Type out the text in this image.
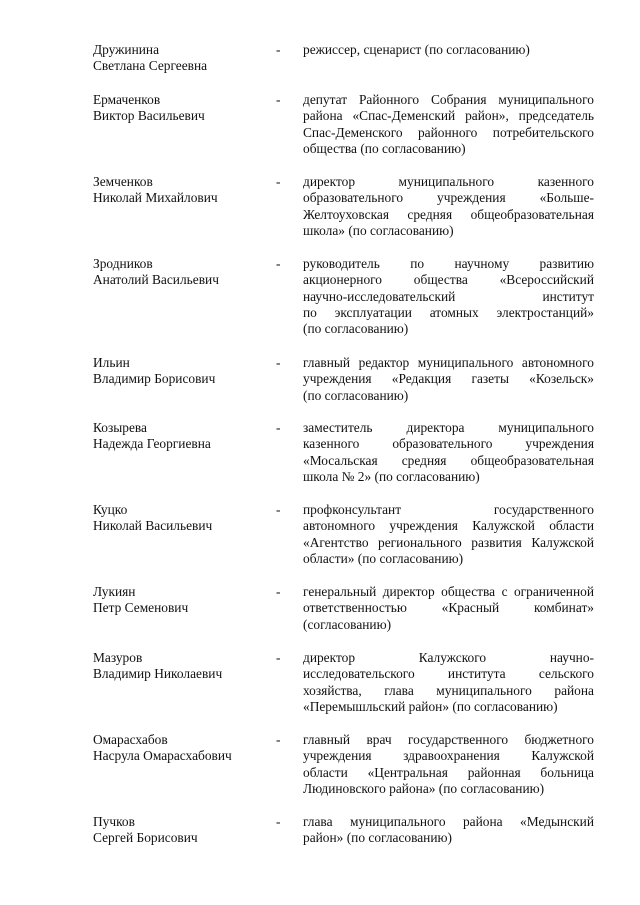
Дружинина
Светлана Сергеевна
- режиссер, сценарист (по согласованию)
Ермаченков
Виктор Васильевич
- депутат Районного Собрания муниципального
района «Спас-Деменский район», председатель
Спас-Деменского районного потребительского
общества (по согласованию)
Земченков
Николай Михайлович
- директор муниципального казенного
образовательного учреждения «Больше-
Желтоуховская средняя общеобразовательная
школа» (по согласованию)
Зродников
Анатолий Васильевич
- руководитель по научному развитию
акционерного общества «Всероссийский
научно-исследовательский институт
по эксплуатации атомных электростанций»
(по согласованию)
Ильин
Владимир Борисович
- главный редактор муниципального автономного
учреждения «Редакция газеты «Козельск»
(по согласованию)
Козырева
Надежда Георгиевна
- заместитель директора муниципального
казенного образовательного учреждения
«Мосальская средняя общеобразовательная
школа № 2» (по согласованию)
Куцко
Николай Васильевич
- профконсультант государственного
автономного учреждения Калужской области
«Агентство регионального развития Калужской
области» (по согласованию)
Лукиян
Петр Семенович
- генеральный директор общества с ограниченной
ответственностью «Красный комбинат»
(согласованию)
Мазуров
Владимир Николаевич
- директор Калужского научно-
исследовательского института сельского
хозяйства, глава муниципального района
«Перемышльский район» (по согласованию)
Омарасхабов
Насрула Омарасхабович
- главный врач государственного бюджетного
учреждения здравоохранения Калужской
области «Центральная районная больница
Людиновского района» (по согласованию)
Пучков
Сергей Борисович
- глава муниципального района «Медынский
район» (по согласованию)
